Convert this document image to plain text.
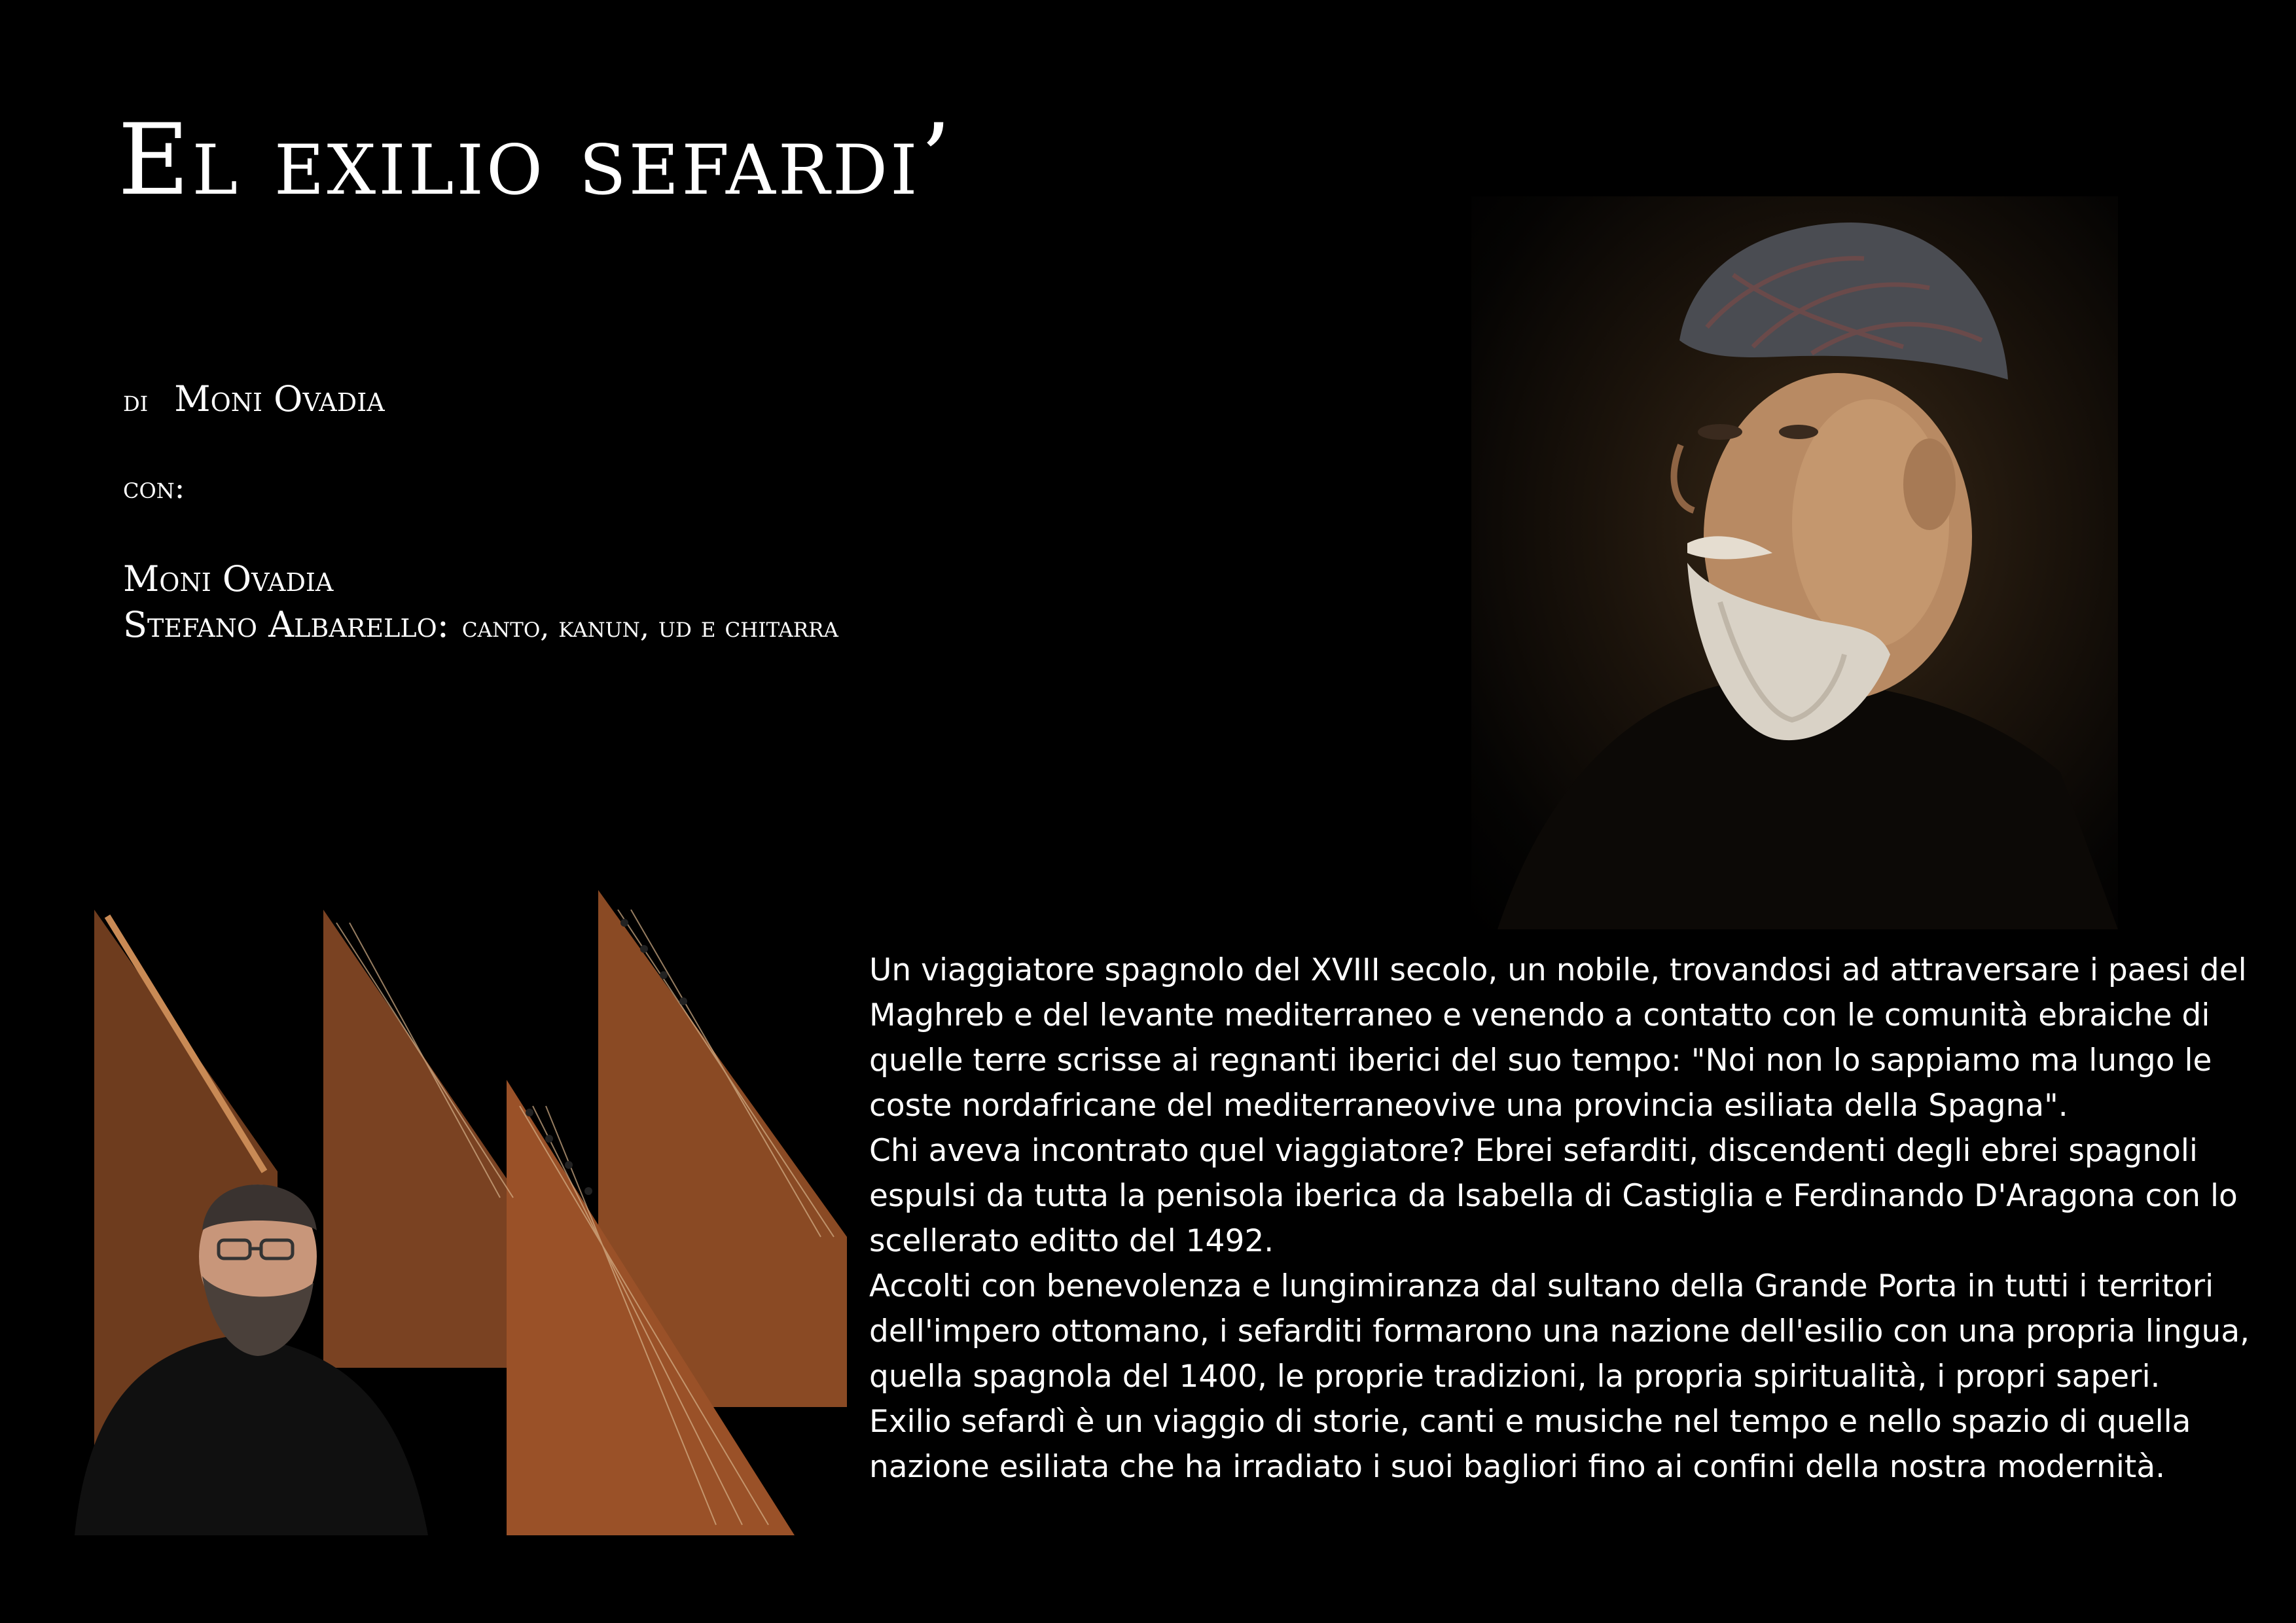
El exilio sefardi’
di Moni Ovadia
con:
Moni Ovadia
Stefano Albarello: canto, kanun, ud e chitarra

Un viaggiatore spagnolo del XVIII secolo, un nobile, trovandosi ad attraversare i paesi del Maghreb e del levante mediterraneo e venendo a contatto con le comunità ebraiche di quelle terre scrisse ai regnanti iberici del suo tempo: "Noi non lo sappiamo ma lungo le coste nordafricane del mediterraneovive una provincia esiliata della Spagna".

Chi aveva incontrato quel viaggiatore? Ebrei sefarditi, discendenti degli ebrei spagnoli espulsi da tutta la penisola iberica da Isabella di Castiglia e Ferdinando D'Aragona con lo scellerato editto del 1492.

Accolti con benevolenza e lungimiranza dal sultano della Grande Porta in tutti i territori dell'impero ottomano, i sefarditi formarono una nazione dell'esilio con una propria lingua, quella spagnola del 1400, le proprie tradizioni, la propria spiritualità, i propri saperi.

Exilio sefardì è un viaggio di storie, canti e musiche nel tempo e nello spazio di quella nazione esiliata che ha irradiato i suoi bagliori fino ai confini della nostra modernità.
